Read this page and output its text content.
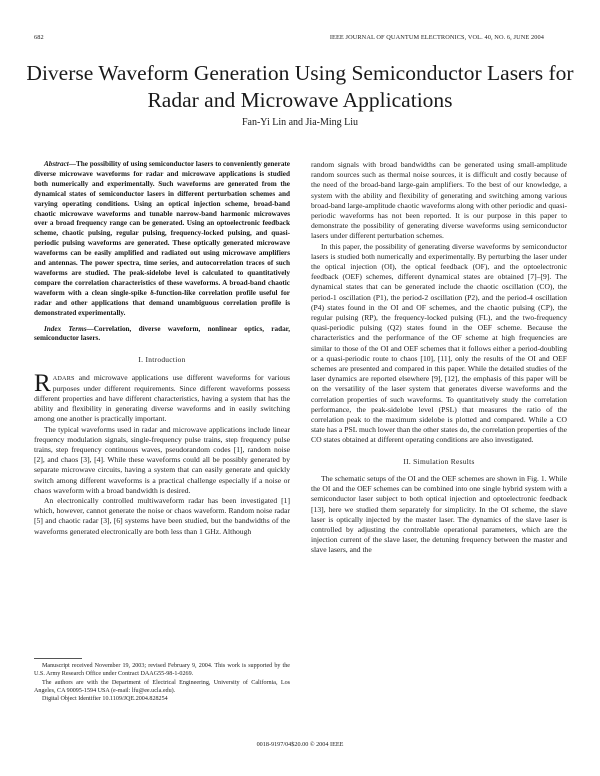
682	IEEE JOURNAL OF QUANTUM ELECTRONICS, VOL. 40, NO. 6, JUNE 2004
Diverse Waveform Generation Using Semiconductor Lasers for Radar and Microwave Applications
Fan-Yi Lin and Jia-Ming Liu

Abstract—The possibility of using semiconductor lasers to conveniently generate diverse microwave waveforms for radar and microwave applications is studied both numerically and experimentally. Such waveforms are generated from the dynamical states of semiconductor lasers in different perturbation schemes and varying operating conditions. Using an optical injection scheme, broad-band chaotic microwave waveforms and tunable narrow-band harmonic microwaves over a broad frequency range can be generated. Using an optoelectronic feedback scheme, chaotic pulsing, regular pulsing, frequency-locked pulsing, and quasi-periodic pulsing waveforms are generated. These optically generated microwave waveforms can be easily amplified and radiated out using microwave amplifiers and antennas. The power spectra, time series, and autocorrelation traces of such waveforms are studied. The peak-sidelobe level is calculated to quantitatively compare the correlation characteristics of these waveforms. A broad-band chaotic waveform with a clean single-spike δ-function-like correlation profile useful for radar and other applications that demand unambiguous correlation profile is demonstrated experimentally.

Index Terms—Correlation, diverse waveform, nonlinear optics, radar, semiconductor lasers.

I. Introduction

RADARS and microwave applications use different waveforms for various purposes under different requirements. Since different waveforms possess different properties and have different characteristics, having a system that has the ability and flexibility in generating diverse waveforms and in easily switching among one another is practically important.

The typical waveforms used in radar and microwave applications include linear frequency modulation signals, single-frequency pulse trains, step frequency pulse trains, step frequency continuous waves, pseudorandom codes [1], random noise [2], and chaos [3], [4]. While these waveforms could all be possibly generated by separate microwave circuits, having a system that can easily generate and quickly switch among different waveforms is a practical challenge especially if a noise or chaos waveform with a broad bandwidth is desired.

An electronically controlled multiwaveform radar has been investigated [1] which, however, cannot generate the noise or chaos waveform. Random noise radar [5] and chaotic radar [3], [6] systems have been studied, but the bandwidths of the waveforms generated electronically are both less than 1 GHz. Although

random signals with broad bandwidths can be generated using small-amplitude random sources such as thermal noise sources, it is difficult and costly because of the need of the broad-band large-gain amplifiers. To the best of our knowledge, a system with the ability and flexibility of generating and switching among various broad-band large-amplitude chaotic waveforms along with other periodic and quasi-periodic waveforms has not been reported. It is our purpose in this paper to demonstrate the possibility of generating diverse waveforms using semiconductor lasers under different perturbation schemes.

In this paper, the possibility of generating diverse waveforms by semiconductor lasers is studied both numerically and experimentally. By perturbing the laser under the optical injection (OI), the optical feedback (OF), and the optoelectronic feedback (OEF) schemes, different dynamical states are obtained [7]–[9]. The dynamical states that can be generated include the chaotic oscillation (CO), the period-1 oscillation (P1), the period-2 oscillation (P2), and the period-4 oscillation (P4) states found in the OI and OF schemes, and the chaotic pulsing (CP), the regular pulsing (RP), the frequency-locked pulsing (FL), and the two-frequency quasi-periodic pulsing (Q2) states found in the OEF scheme. Because the characteristics and the performance of the OF scheme at high frequencies are similar to those of the OI and OEF schemes that it follows either a period-doubling or a quasi-periodic route to chaos [10], [11], only the results of the OI and OEF schemes are presented and compared in this paper. While the detailed studies of the laser dynamics are reported elsewhere [9], [12], the emphasis of this paper will be on the versatility of the laser system that generates diverse waveforms and the correlation properties of such waveforms. To quantitatively study the correlation performance, the peak-sidelobe level (PSL) that measures the ratio of the correlation peak to the maximum sidelobe is plotted and compared. While a CO state has a PSL much lower than the other states do, the correlation properties of the CO states obtained at different operating conditions are also investigated.

II. Simulation Results

The schematic setups of the OI and the OEF schemes are shown in Fig. 1. While the OI and the OEF schemes can be combined into one single hybrid system with a semiconductor laser subject to both optical injection and optoelectronic feedback [13], here we studied them separately for simplicity. In the OI scheme, the slave laser is optically injected by the master laser. The dynamics of the slave laser is controlled by adjusting the controllable operational parameters, which are the injection current of the slave laser, the detuning frequency between the master and slave lasers, and the

Manuscript received November 19, 2003; revised February 9, 2004. This work is supported by the U.S. Army Research Office under Contract DAAG55-98-1-0269.

The authors are with the Department of Electrical Engineering, University of California, Los Angeles, CA 90095-1594 USA (e-mail: lfu@ee.ucla.edu).

Digital Object Identifier 10.1109/JQE.2004.828254

0018-9197/04$20.00 © 2004 IEEE
